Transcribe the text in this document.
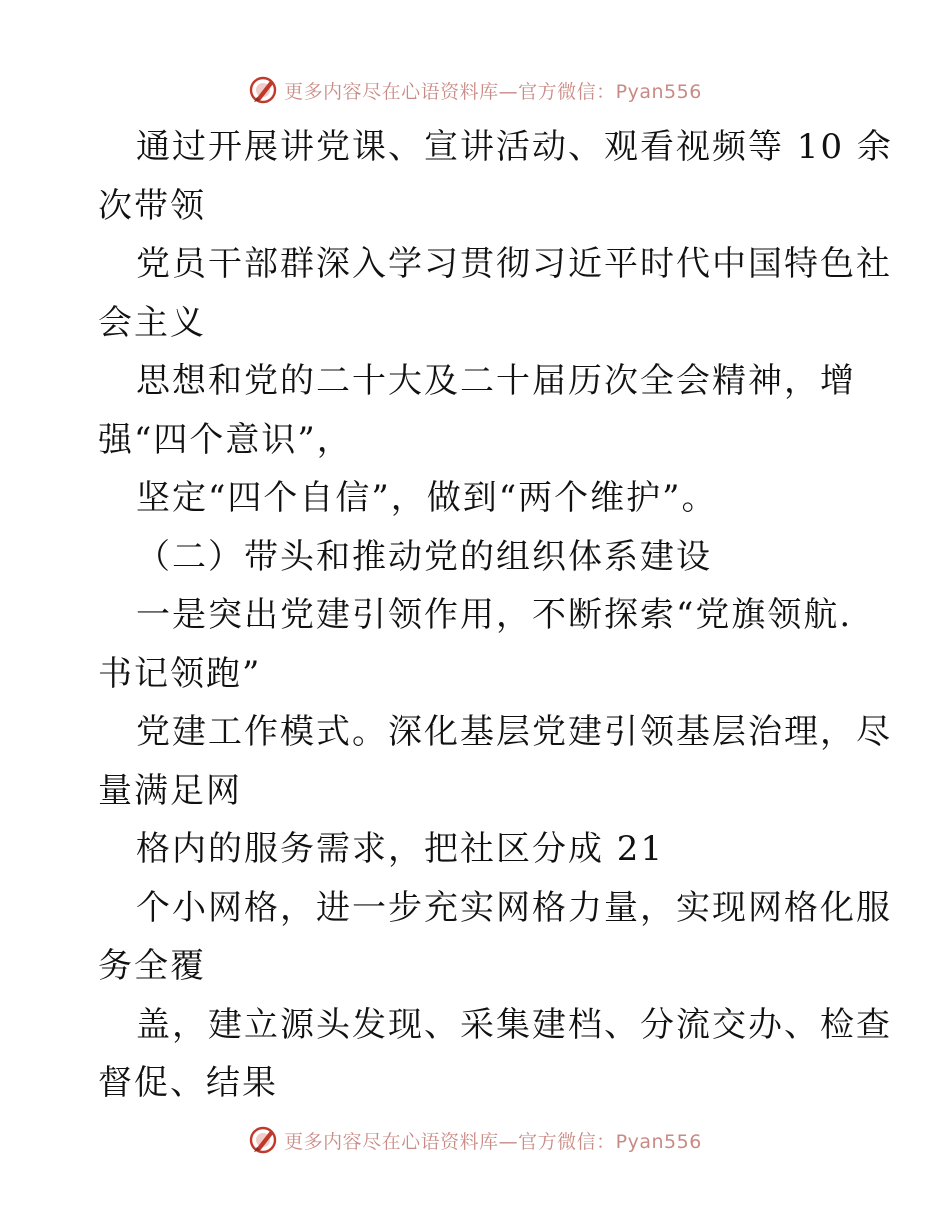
更多内容尽在心语资料库—官方微信：Pyan556
通过开展讲党课、宣讲活动、观看视频等 10 余
次带领
党员干部群深入学习贯彻习近平时代中国特色社
会主义
思想和党的二十大及二十届历次全会精神，增
强“四个意识”，
坚定“四个自信”，做到“两个维护”。
（二）带头和推动党的组织体系建设
一是突出党建引领作用，不断探索“党旗领航.
书记领跑”
党建工作模式。深化基层党建引领基层治理，尽
量满足网
格内的服务需求，把社区分成 21
个小网格，进一步充实网格力量，实现网格化服
务全覆
盖，建立源头发现、采集建档、分流交办、检查
督促、结果
更多内容尽在心语资料库—官方微信：Pyan556
